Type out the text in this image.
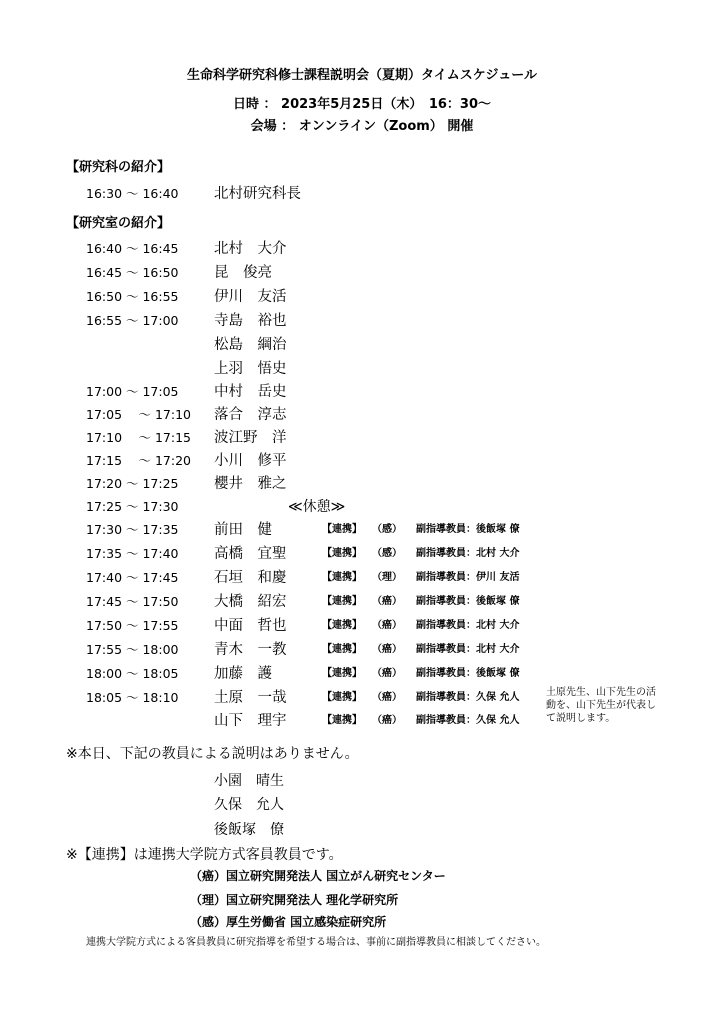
生命科学研究科修士課程説明会（夏期）タイムスケジュール
日時 ： 2023年5月25日（木）　16：30～
会場 ： オンンライン（Zoom） 開催
【研究科の紹介】
16:30 ～ 16:40 北村研究科長
【研究室の紹介】
16:40 ～ 16:45 北村　大介
16:45 ～ 16:50 昆　俊亮
16:50 ～ 16:55 伊川　友活
16:55 ～ 17:00 寺島　裕也
松島　綱治
上羽　悟史
17:00 ～ 17:05 中村　岳史
17:05 　～ 17:10 落合　淳志
17:10 　～ 17:15 波江野　洋
17:15 　～ 17:20 小川　修平
17:20 ～ 17:25 櫻井　雅之
17:25 ～ 17:30	≪休憩≫
17:30 ～ 17:35 前田　健	【連携】 （感） 副指導教員：後飯塚 僚
17:35 ～ 17:40 高橋　宜聖	【連携】 （感） 副指導教員：北村 大介
17:40 ～ 17:45 石垣　和慶	【連携】 （理） 副指導教員：伊川 友活
17:45 ～ 17:50 大橋　紹宏	【連携】 （癌） 副指導教員：後飯塚 僚
17:50 ～ 17:55 中面　哲也	【連携】 （癌） 副指導教員：北村 大介
17:55 ～ 18:00 青木　一教	【連携】 （癌） 副指導教員：北村 大介
18:00 ～ 18:05 加藤　護	【連携】 （癌） 副指導教員：後飯塚 僚
18:05 ～ 18:10 土原　一哉	【連携】 （癌） 副指導教員：久保 允人
山下　理宇	【連携】 （癌） 副指導教員：久保 允人
土原先生、山下先生の活動を、山下先生が代表して説明します。
※本日、下記の教員による説明はありません。
小園　晴生
久保　允人
後飯塚　僚
※【連携】は連携大学院方式客員教員です。
（癌）国立研究開発法人 国立がん研究センター
（理）国立研究開発法人 理化学研究所
（感）厚生労働省 国立感染症研究所
連携大学院方式による客員教員に研究指導を希望する場合は、事前に副指導教員に相談してください。
